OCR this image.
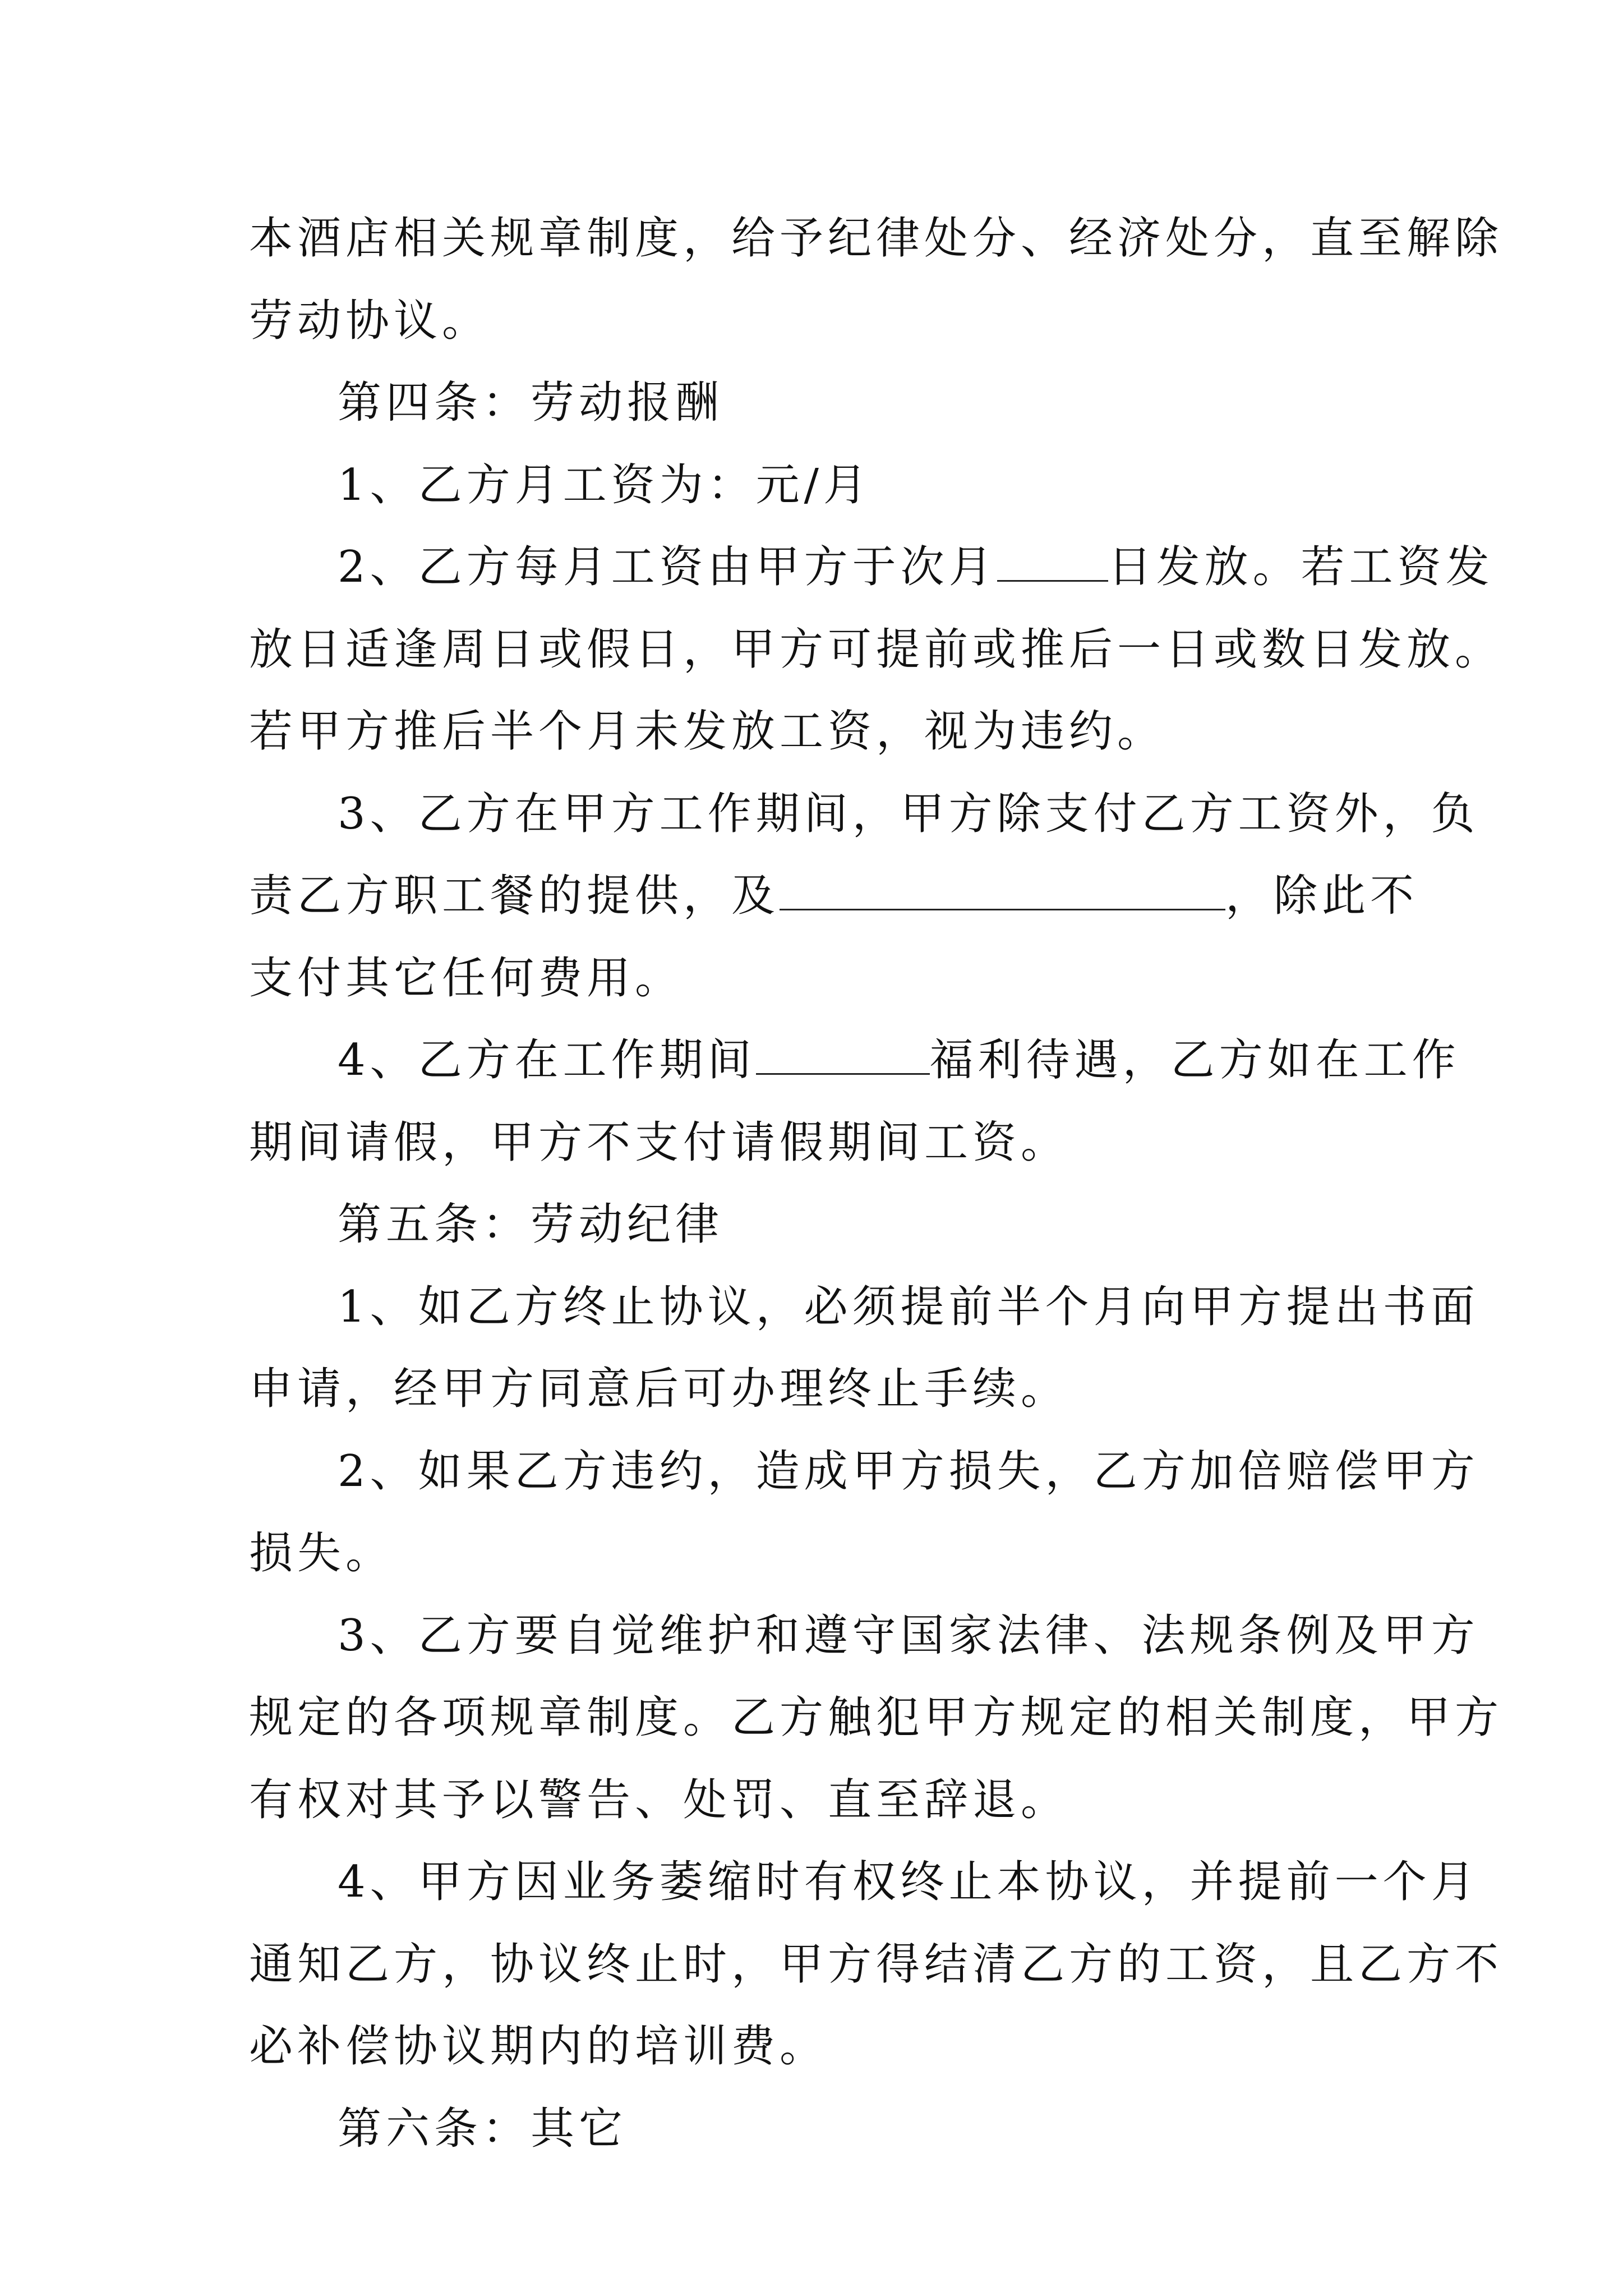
本酒店相关规章制度，给予纪律处分、经济处分，直至解除
劳动协议。
第四条：劳动报酬
1、乙方月工资为：元/月
2、乙方每月工资由甲方于次月	日发放。若工资发
放日适逢周日或假日，甲方可提前或推后一日或数日发放。
若甲方推后半个月未发放工资，视为违约。
3、乙方在甲方工作期间，甲方除支付乙方工资外，负
责乙方职工餐的提供，及	，除此不
支付其它任何费用。
4、乙方在工作期间	福利待遇，乙方如在工作
期间请假，甲方不支付请假期间工资。
第五条：劳动纪律
1、如乙方终止协议，必须提前半个月向甲方提出书面
申请，经甲方同意后可办理终止手续。
2、如果乙方违约，造成甲方损失，乙方加倍赔偿甲方
损失。
3、乙方要自觉维护和遵守国家法律、法规条例及甲方
规定的各项规章制度。乙方触犯甲方规定的相关制度，甲方
有权对其予以警告、处罚、直至辞退。
4、甲方因业务萎缩时有权终止本协议，并提前一个月
通知乙方，协议终止时，甲方得结清乙方的工资，且乙方不
必补偿协议期内的培训费。
第六条：其它
